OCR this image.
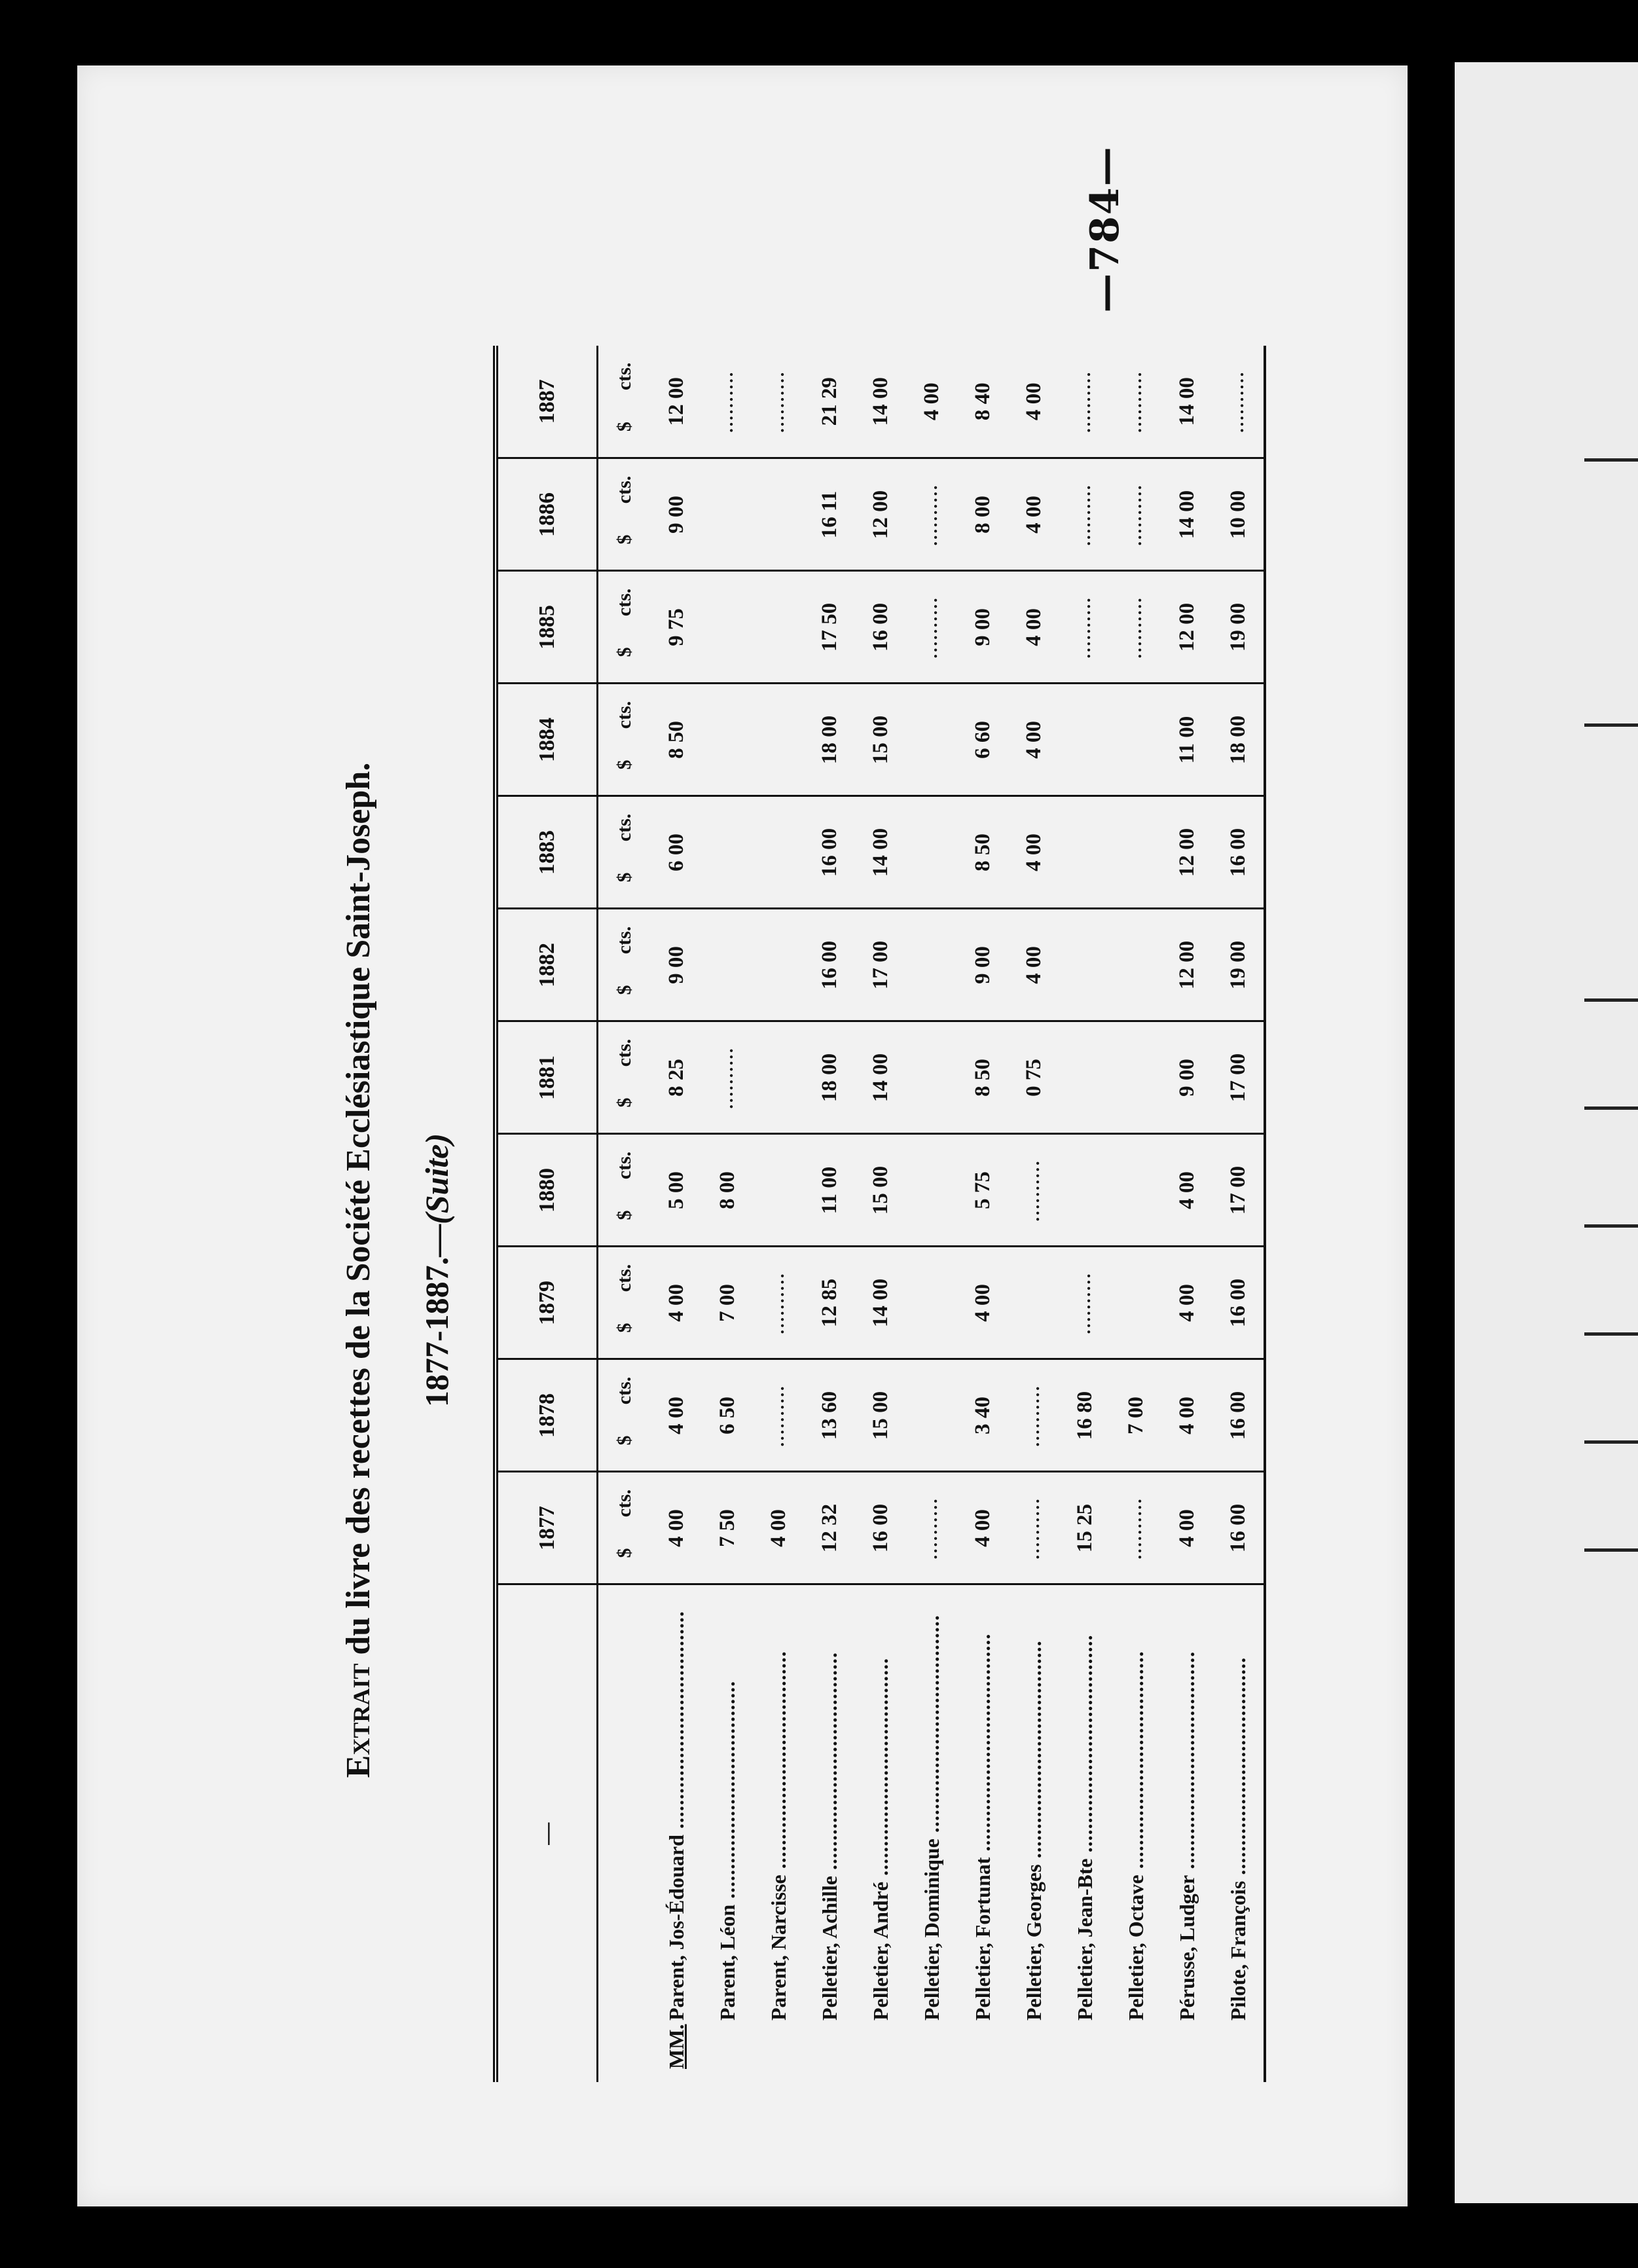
—784—
Extrait du livre des recettes de la Société Ecclésiastique Saint-Joseph. 1877-1887.—(Suite)
—	1877	1878	1879	1880	1881	1882	1883	1884	1885	1886	1887
	$cts.	$cts.	$cts.	$cts.	$cts.	$cts.	$cts.	$cts.	$cts.	$cts.	$cts.
MM.Parent, Jos-Édouard .....	4 00	4 00	4 00	5 00	8 25	9 00	6 00	8 50	9 75	9 00	12 00
Parent, Léon .....	7 50	6 50	7 00	8 00	..........						..........
Parent, Narcisse .....	4 00	..........	..........								..........
Pelletier, Achille .....	12 32	13 60	12 85	11 00	18 00	16 00	16 00	18 00	17 50	16 11	21 29
Pelletier, André .....	16 00	15 00	14 00	15 00	14 00	17 00	14 00	15 00	16 00	12 00	14 00
Pelletier, Dominique .....	..........								..........	..........	4 00
Pelletier, Fortunat .....	4 00	3 40	4 00	5 75	8 50	9 00	8 50	6 60	9 00	8 00	8 40
Pelletier, Georges .....	..........	..........		..........	0 75	4 00	4 00	4 00	4 00	4 00	4 00
Pelletier, Jean-Bte .....	15 25	16 80	..........						..........	..........	..........
Pelletier, Octave .....	..........	7 00							..........	..........	..........
Pérusse, Ludger .....	4 00	4 00	4 00	4 00	9 00	12 00	12 00	11 00	12 00	14 00	14 00
Pilote, François .....	16 00	16 00	16 00	17 00	17 00	19 00	16 00	18 00	19 00	10 00	..........
